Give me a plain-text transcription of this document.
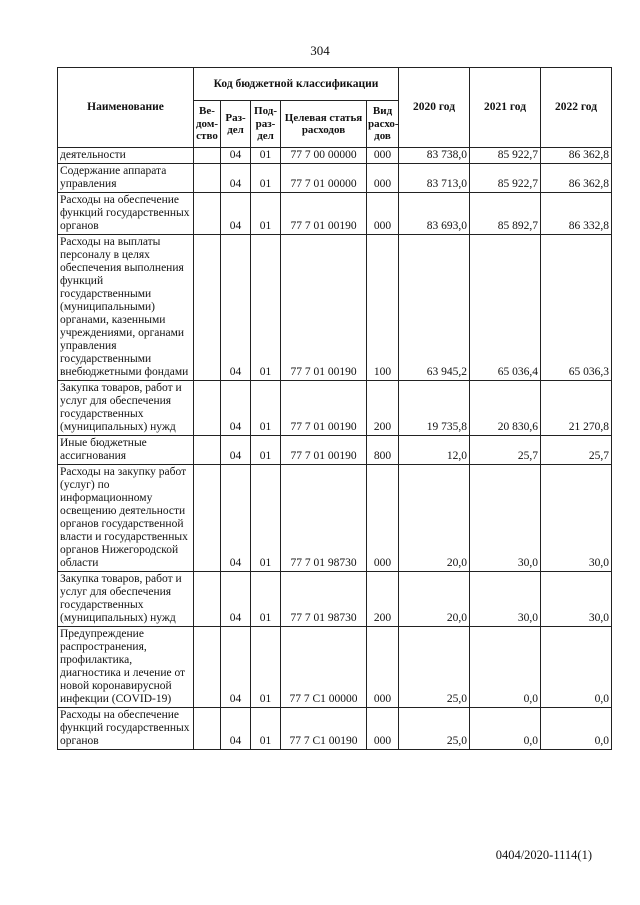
304
Наименование	Код бюджетной классификации					2020 год	2021 год	2022 год
	Ве-дом-ство	Раз-дел	Под-раз-дел	Целевая статья расходов	Вид расхо-дов			
деятельности		04	01	77 7 00 00000	000	83 738,0	85 922,7	86 362,8
Содержание аппарата управления		04	01	77 7 01 00000	000	83 713,0	85 922,7	86 362,8
Расходы на обеспечение функций государственных органов		04	01	77 7 01 00190	000	83 693,0	85 892,7	86 332,8
Расходы на выплаты персоналу в целях обеспечения выполнения функций государственными (муниципальными) органами, казенными учреждениями, органами управления государственными внебюджетными фондами		04	01	77 7 01 00190	100	63 945,2	65 036,4	65 036,3
Закупка товаров, работ и услуг для обеспечения государственных (муниципальных) нужд		04	01	77 7 01 00190	200	19 735,8	20 830,6	21 270,8
Иные бюджетные ассигнования		04	01	77 7 01 00190	800	12,0	25,7	25,7
Расходы на закупку работ (услуг) по информационному освещению деятельности органов государственной власти и государственных органов Нижегородской области		04	01	77 7 01 98730	000	20,0	30,0	30,0
Закупка товаров, работ и услуг для обеспечения государственных (муниципальных) нужд		04	01	77 7 01 98730	200	20,0	30,0	30,0
Предупреждение распространения, профилактика, диагностика и лечение от новой коронавирусной инфекции (COVID-19)		04	01	77 7 C1 00000	000	25,0	0,0	0,0
Расходы на обеспечение функций государственных органов		04	01	77 7 C1 00190	000	25,0	0,0	0,0
0404/2020-1114(1)
